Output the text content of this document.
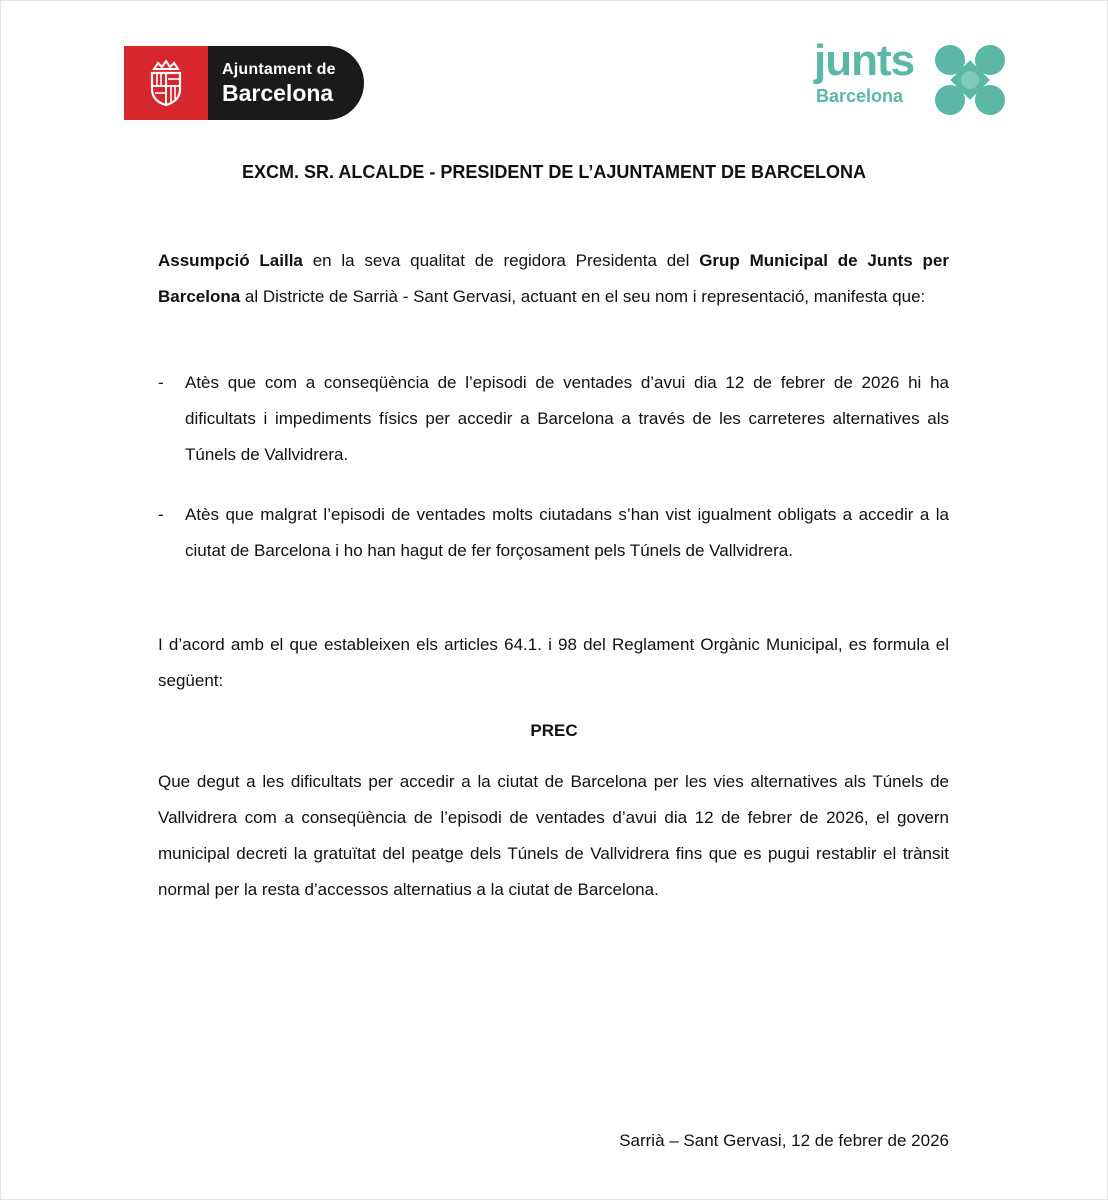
Ajuntament de
Barcelona
junts
Barcelona
EXCM. SR. ALCALDE - PRESIDENT DE L’AJUNTAMENT DE BARCELONA
Assumpció Lailla en la seva qualitat de regidora Presidenta del Grup Municipal de Junts per Barcelona al Districte de Sarrià - Sant Gervasi, actuant en el seu nom i representació, manifesta que:
- Atès que com a conseqüència de l’episodi de ventades d’avui dia 12 de febrer de 2026 hi ha dificultats i impediments físics per accedir a Barcelona a través de les carreteres alternatives als Túnels de Vallvidrera.
- Atès que malgrat l’episodi de ventades molts ciutadans s’han vist igualment obligats a accedir a la ciutat de Barcelona i ho han hagut de fer forçosament pels Túnels de Vallvidrera.
I d’acord amb el que estableixen els articles 64.1. i 98 del Reglament Orgànic Municipal, es formula el següent:
PREC
Que degut a les dificultats per accedir a la ciutat de Barcelona per les vies alternatives als Túnels de Vallvidrera com a conseqüència de l’episodi de ventades d’avui dia 12 de febrer de 2026, el govern municipal decreti la gratuïtat del peatge dels Túnels de Vallvidrera fins que es pugui restablir el trànsit normal per la resta d’accessos alternatius a la ciutat de Barcelona.
Sarrià – Sant Gervasi, 12 de febrer de 2026
